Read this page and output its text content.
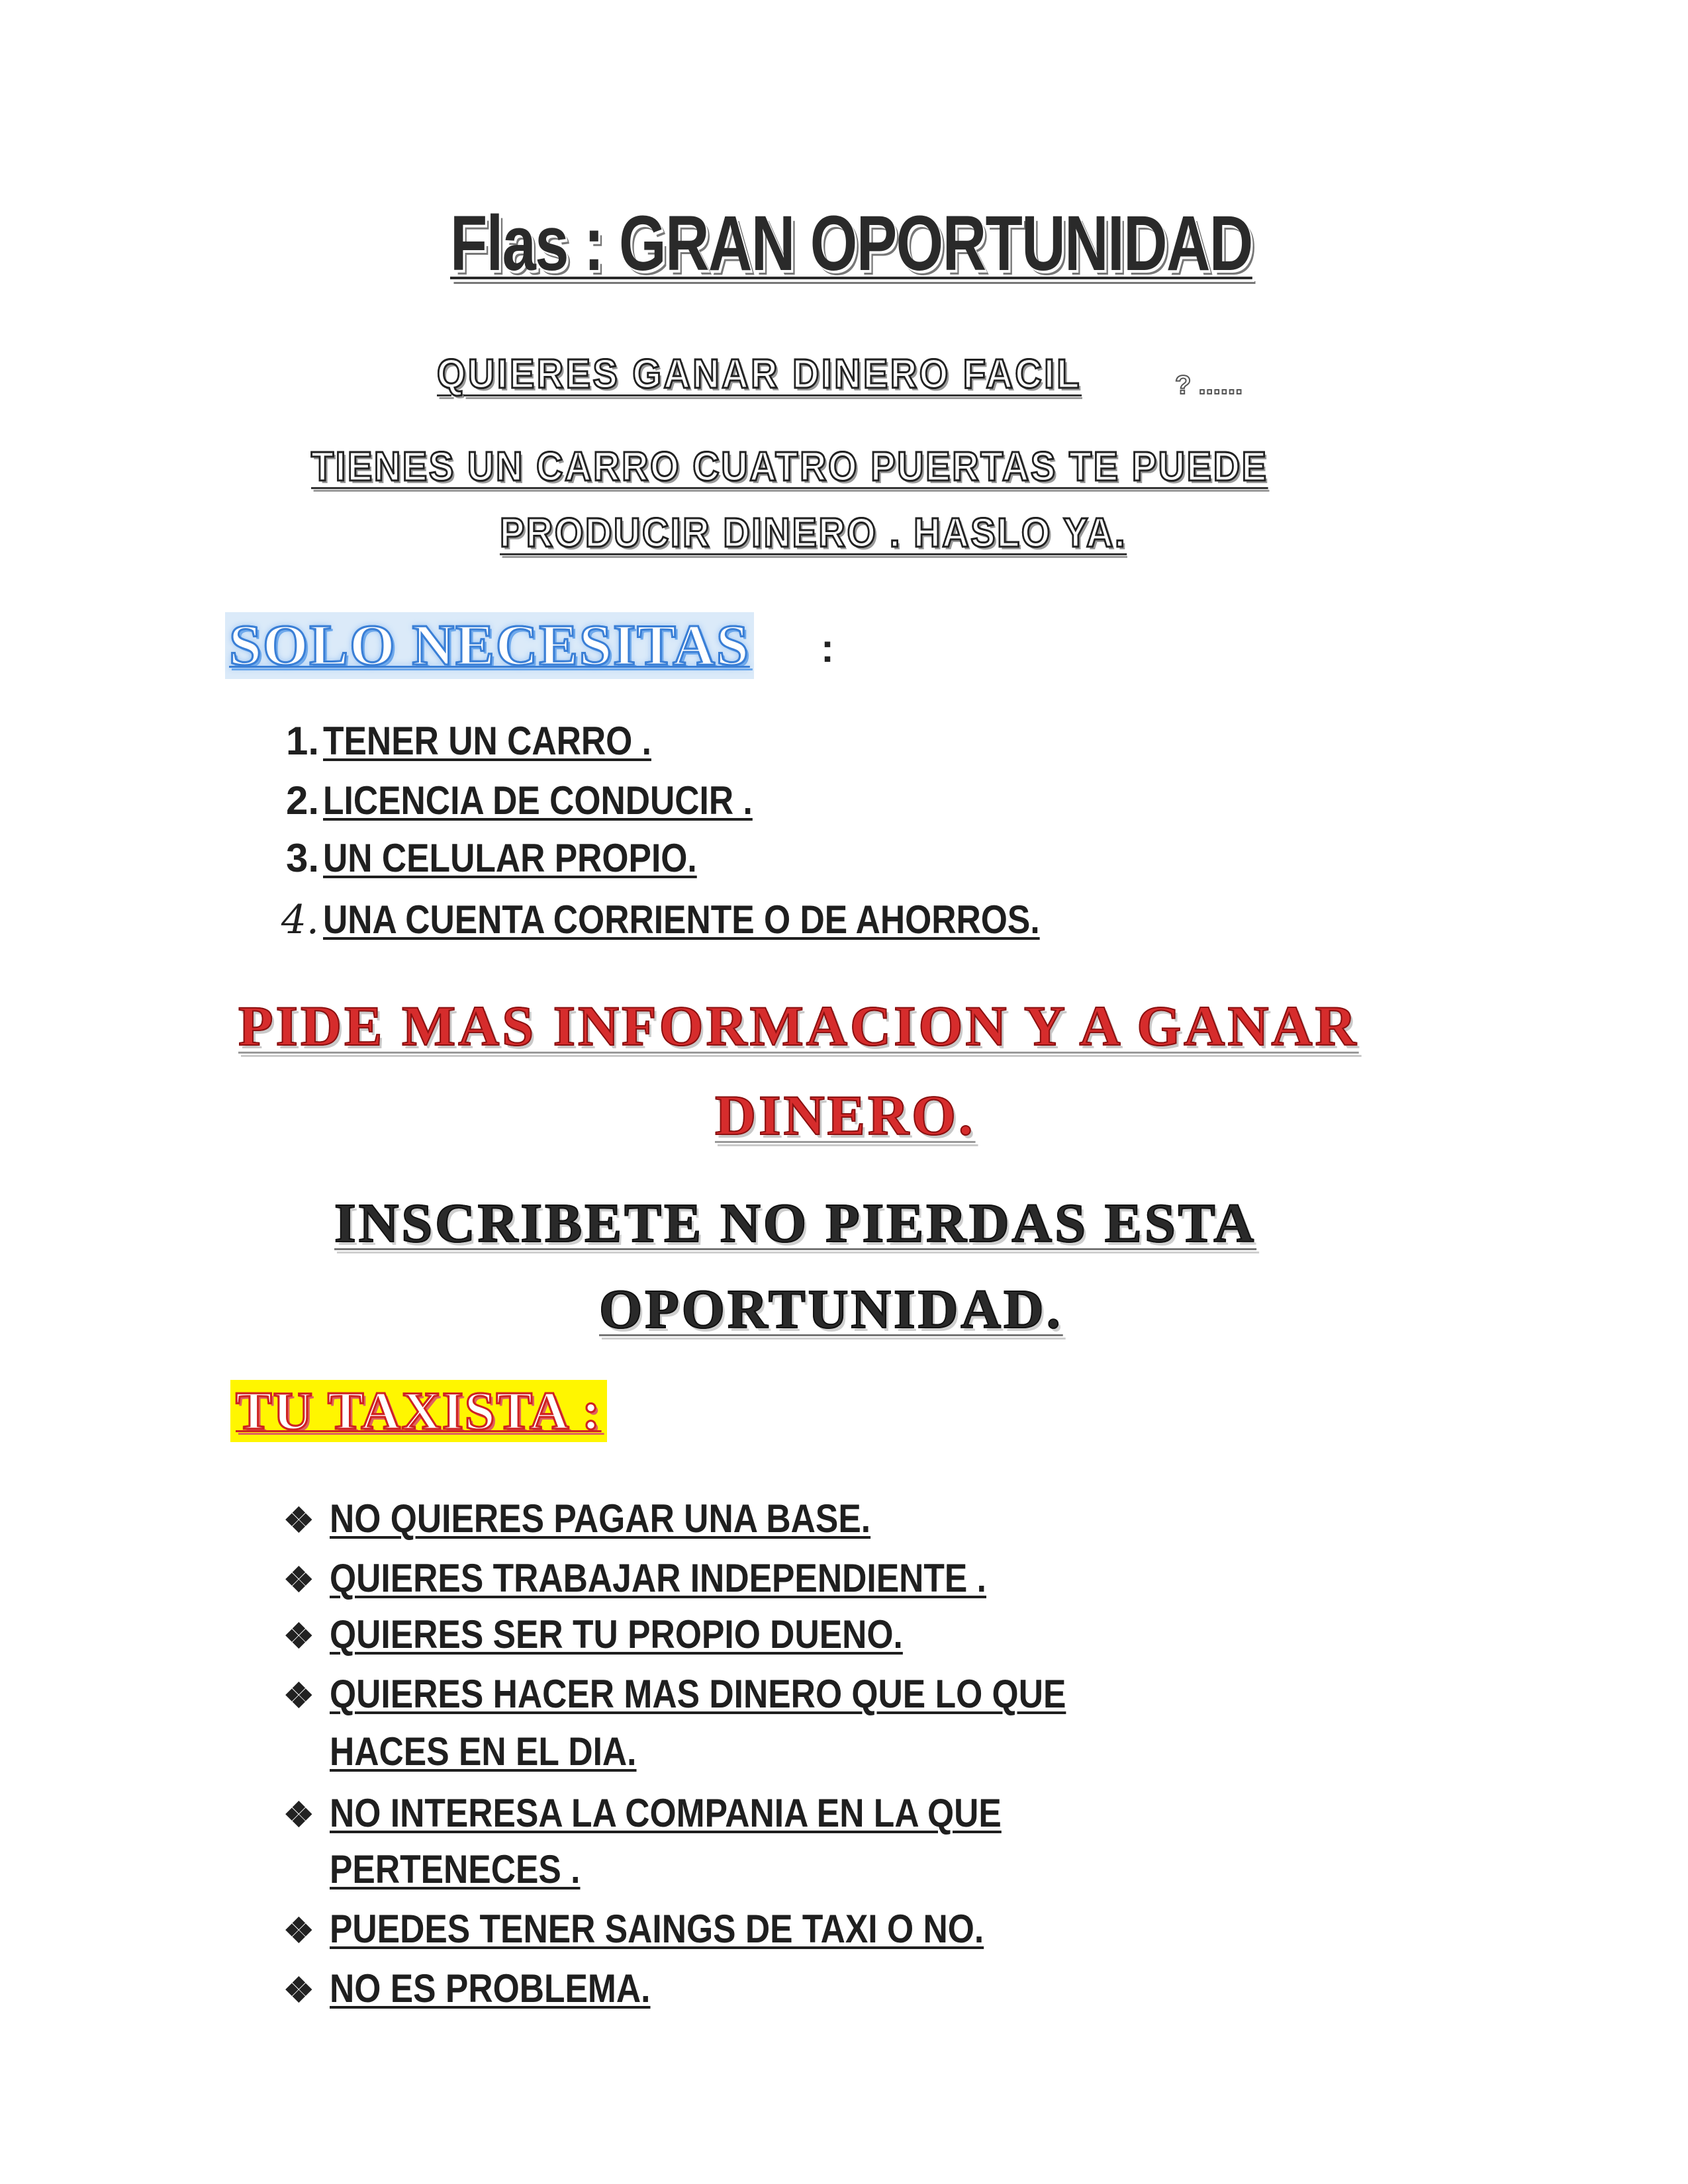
Flas : GRAN OPORTUNIDAD
QUIERES GANAR DINERO FACIL	? ......
TIENES UN CARRO CUATRO PUERTAS TE PUEDE
PRODUCIR DINERO . HASLO YA.
SOLO NECESITAS :
1. TENER UN CARRO .
2. LICENCIA DE CONDUCIR .
3. UN CELULAR PROPIO.
4. UNA CUENTA CORRIENTE O DE AHORROS.
PIDE MAS INFORMACION Y A GANAR
DINERO.
INSCRIBETE NO PIERDAS ESTA
OPORTUNIDAD.
TU TAXISTA :
❖ NO QUIERES PAGAR UNA BASE.
❖ QUIERES TRABAJAR INDEPENDIENTE .
❖ QUIERES SER TU PROPIO DUENO.
❖ QUIERES HACER MAS DINERO QUE LO QUE
HACES EN EL DIA.
❖ NO INTERESA LA COMPANIA EN LA QUE
PERTENECES .
❖ PUEDES TENER SAINGS DE TAXI O NO.
❖ NO ES PROBLEMA.
